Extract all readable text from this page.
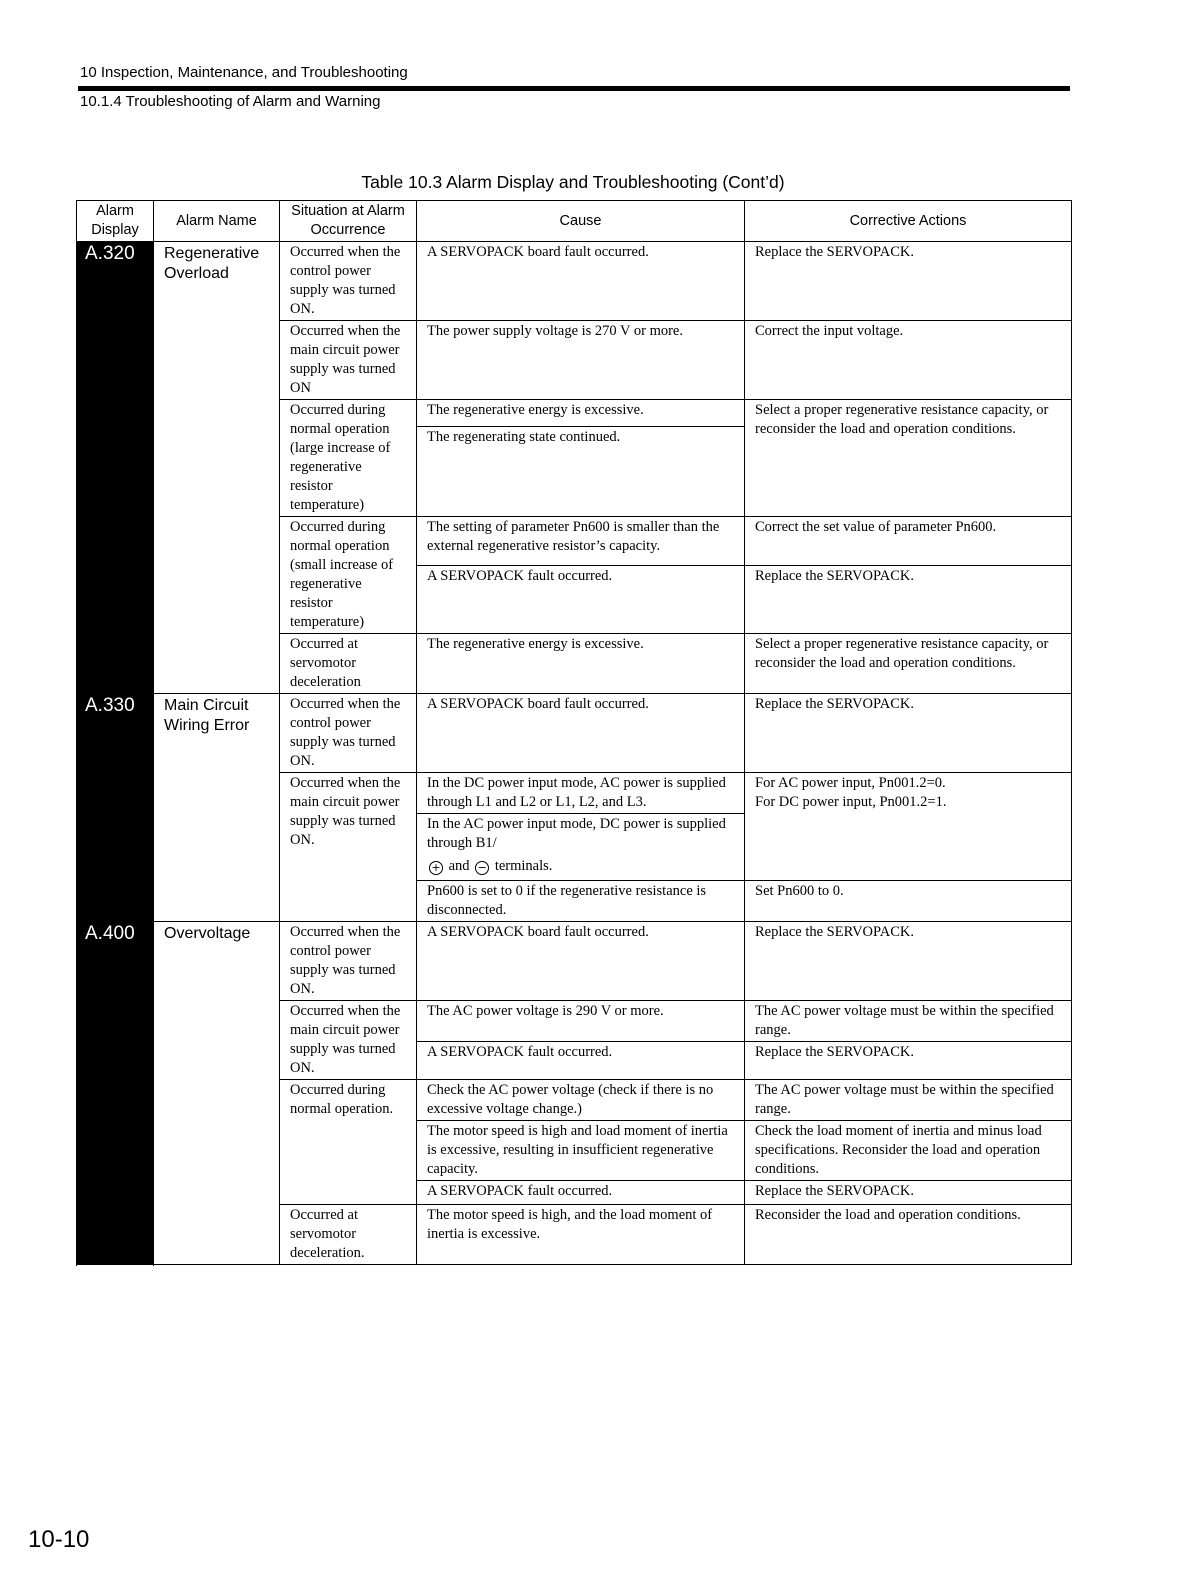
10 Inspection, Maintenance, and Troubleshooting
10.1.4 Troubleshooting of Alarm and Warning
Table 10.3 Alarm Display and Troubleshooting (Cont’d)
Alarm Display	Alarm Name	Situation at Alarm Occurrence	Cause	Corrective Actions
A.320	Regenerative Overload	Occurred when the control power supply was turned ON.	A SERVOPACK board fault occurred.	Replace the SERVOPACK.
		Occurred when the main circuit power supply was turned ON	The power supply voltage is 270 V or more.	Correct the input voltage.
		Occurred during normal operation (large increase of regenerative resistor temperature)	The regenerative energy is excessive.	Select a proper regenerative resistance capacity, or reconsider the load and operation conditions.
			The regenerating state continued.	
		Occurred during normal operation (small increase of regenerative resistor temperature)	The setting of parameter Pn600 is smaller than the external regenerative resistor’s capacity.	Correct the set value of parameter Pn600.
			A SERVOPACK fault occurred.	Replace the SERVOPACK.
		Occurred at servomotor deceleration	The regenerative energy is excessive.	Select a proper regenerative resistance capacity, or reconsider the load and operation conditions.

A.330	Main Circuit Wiring Error	Occurred when the control power supply was turned ON.	A SERVOPACK board fault occurred.	Replace the SERVOPACK.
		Occurred when the main circuit power supply was turned ON.	In the DC power input mode, AC power is supplied through L1 and L2 or L1, L2, and L3.	For AC power input, Pn001.2=0.
For DC power input, Pn001.2=1.

			In the AC power input mode, DC power is supplied through B1/
+ and − terminals.	
			Pn600 is set to 0 if the regenerative resistance is disconnected.	Set Pn600 to 0.
A.400	Overvoltage	Occurred when the control power supply was turned ON.	A SERVOPACK board fault occurred.	Replace the SERVOPACK.
		Occurred when the main circuit power supply was turned ON.	The AC power voltage is 290 V or more.	The AC power voltage must be within the specified range.
			A SERVOPACK fault occurred.	Replace the SERVOPACK.
		Occurred during normal operation.	Check the AC power voltage (check if there is no excessive voltage change.)	The AC power voltage must be within the specified range.
			The motor speed is high and load moment of inertia is excessive, resulting in insufficient regenerative capacity.	Check the load moment of inertia and minus load specifications. Reconsider the load and operation conditions.
			A SERVOPACK fault occurred.	Replace the SERVOPACK.
		Occurred at servomotor deceleration.	The motor speed is high, and the load moment of inertia is excessive.	Reconsider the load and operation conditions.

10-10
